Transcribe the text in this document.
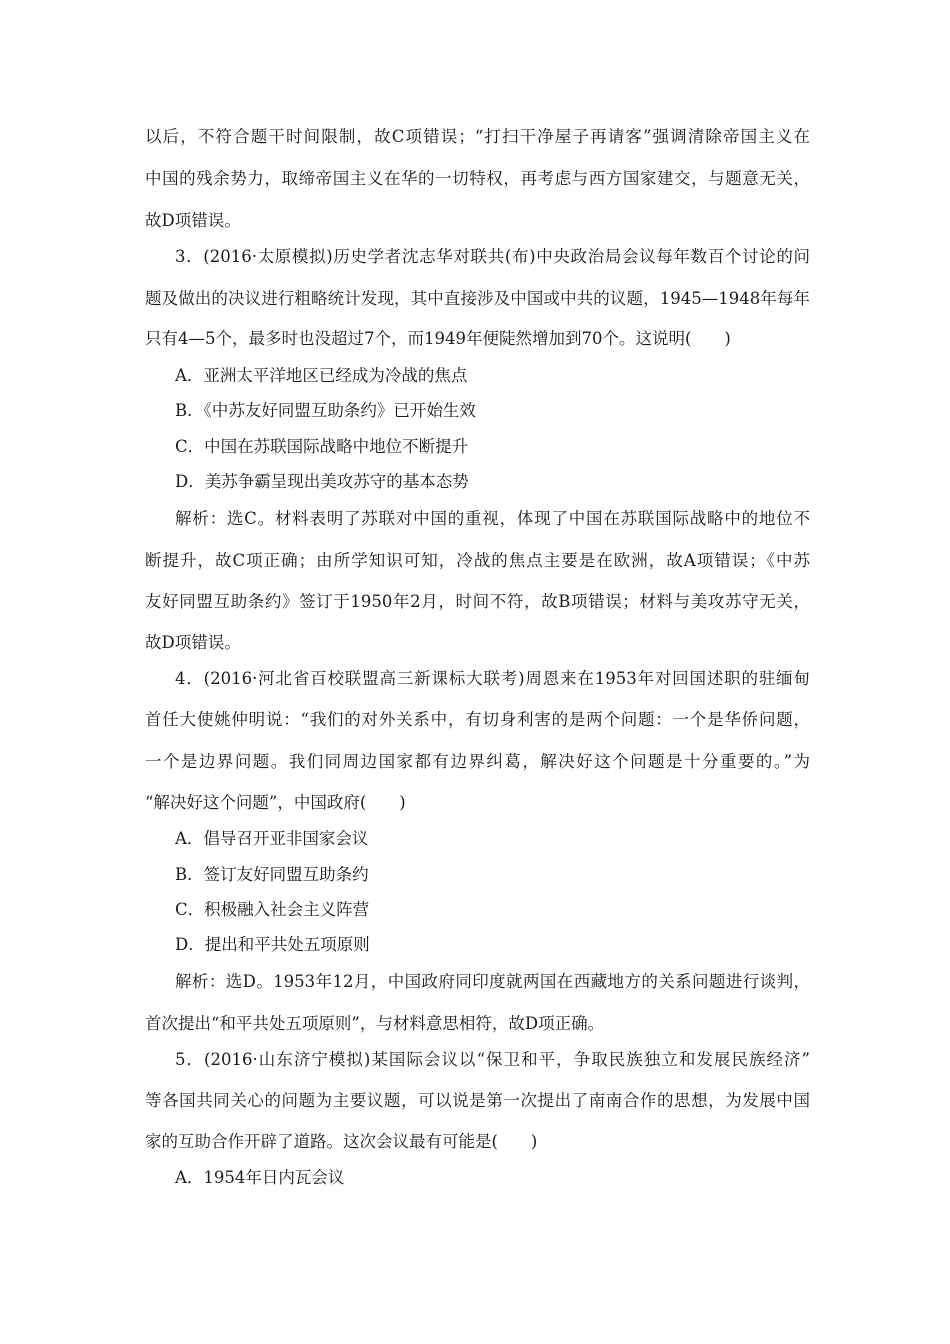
以后，不符合题干时间限制，故C项错误；“打扫干净屋子再请客”强调清除帝国主义在
中国的残余势力，取缔帝国主义在华的一切特权，再考虑与西方国家建交，与题意无关，
故D项错误。
3．(2016·太原模拟)历史学者沈志华对联共(布)中央政治局会议每年数百个讨论的问
题及做出的决议进行粗略统计发现，其中直接涉及中国或中共的议题，1945—1948年每年
只有4—5个，最多时也没超过7个，而1949年便陡然增加到70个。这说明(　　)
A．亚洲太平洋地区已经成为冷战的焦点
B．《中苏友好同盟互助条约》已开始生效
C．中国在苏联国际战略中地位不断提升
D．美苏争霸呈现出美攻苏守的基本态势
解析：选C。材料表明了苏联对中国的重视，体现了中国在苏联国际战略中的地位不
断提升，故C项正确；由所学知识可知，冷战的焦点主要是在欧洲，故A项错误；《中苏
友好同盟互助条约》签订于1950年2月，时间不符，故B项错误；材料与美攻苏守无关，
故D项错误。
4．(2016·河北省百校联盟高三新课标大联考)周恩来在1953年对回国述职的驻缅甸
首任大使姚仲明说：“我们的对外关系中，有切身利害的是两个问题：一个是华侨问题，
一个是边界问题。我们同周边国家都有边界纠葛，解决好这个问题是十分重要的。”为
“解决好这个问题”，中国政府(　　)
A．倡导召开亚非国家会议
B．签订友好同盟互助条约
C．积极融入社会主义阵营
D．提出和平共处五项原则
解析：选D。1953年12月，中国政府同印度就两国在西藏地方的关系问题进行谈判，
首次提出“和平共处五项原则”，与材料意思相符，故D项正确。
5．(2016·山东济宁模拟)某国际会议以“保卫和平，争取民族独立和发展民族经济”
等各国共同关心的问题为主要议题，可以说是第一次提出了南南合作的思想，为发展中国
家的互助合作开辟了道路。这次会议最有可能是(　　)
A．1954年日内瓦会议
